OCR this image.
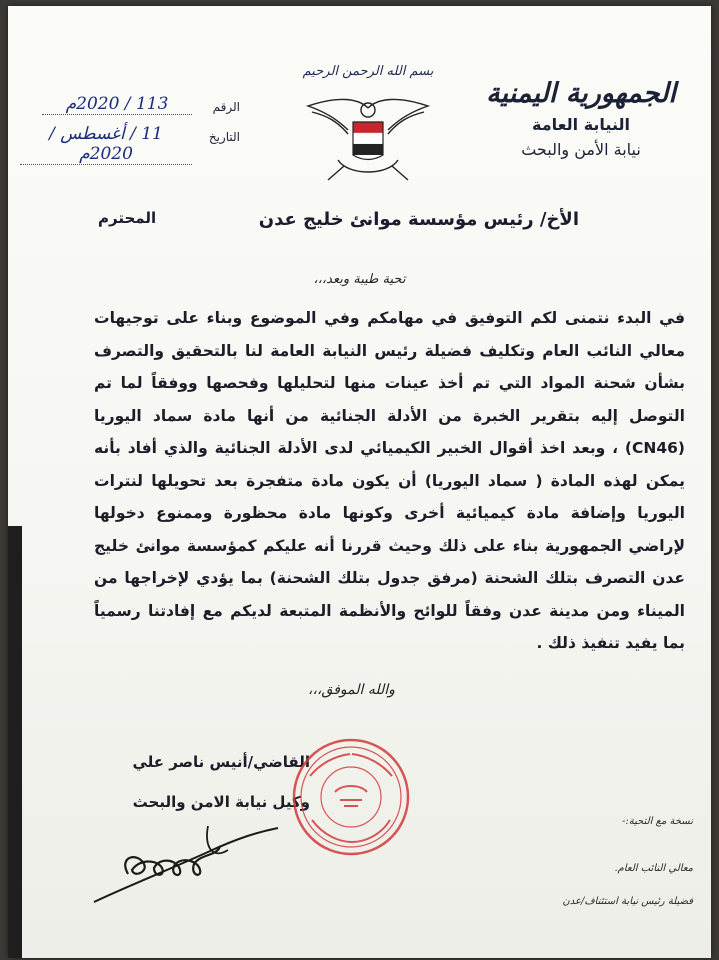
الجمهورية اليمنية
النيابة العامة
نيابة الأمن والبحث
بسم الله الرحمن الرحيم
الرقم
113 / 2020م
التاريخ
11 / أغسطس / 2020م
الأخ/ رئيس مؤسسة موانئ خليج عدن
المحترم
تحية طيبة وبعد،،،

في البدء نتمنى لكم التوفيق في مهامكم وفي الموضوع وبناء على توجيهات معالي النائب العام وتكليف فضيلة رئيس النيابة العامة لنا بالتحقيق والتصرف بشأن شحنة المواد التي تم أخذ عينات منها لتحليلها وفحصها ووفقاً لما تم التوصل إليه بتقرير الخبرة من الأدلة الجنائية من أنها مادة سماد اليوريا (CN46) ، وبعد اخذ أقوال الخبير الكيميائي لدى الأدلة الجنائية والذي أفاد بأنه يمكن لهذه المادة ( سماد اليوريا) أن يكون مادة متفجرة بعد تحويلها لنترات اليوريا وإضافة مادة كيميائية أخرى وكونها مادة محظورة وممنوع دخولها لإراضي الجمهورية بناء على ذلك وحيث قررنا أنه عليكم كمؤسسة موانئ خليج عدن التصرف بتلك الشحنة (مرفق جدول بتلك الشحنة) بما يؤدي لإخراجها من الميناء ومن مدينة عدن وفقاً للوائح والأنظمة المتبعة لديكم مع إفادتنا رسمياً بما يفيد تنفيذ ذلك .

والله الموفق،،،
القاضي/أنيس ناصر علي
وكيل نيابة الامن والبحث
نسخة مع التحية:-
معالي النائب العام.
فضيلة رئيس نيابة استئناف/عدن
